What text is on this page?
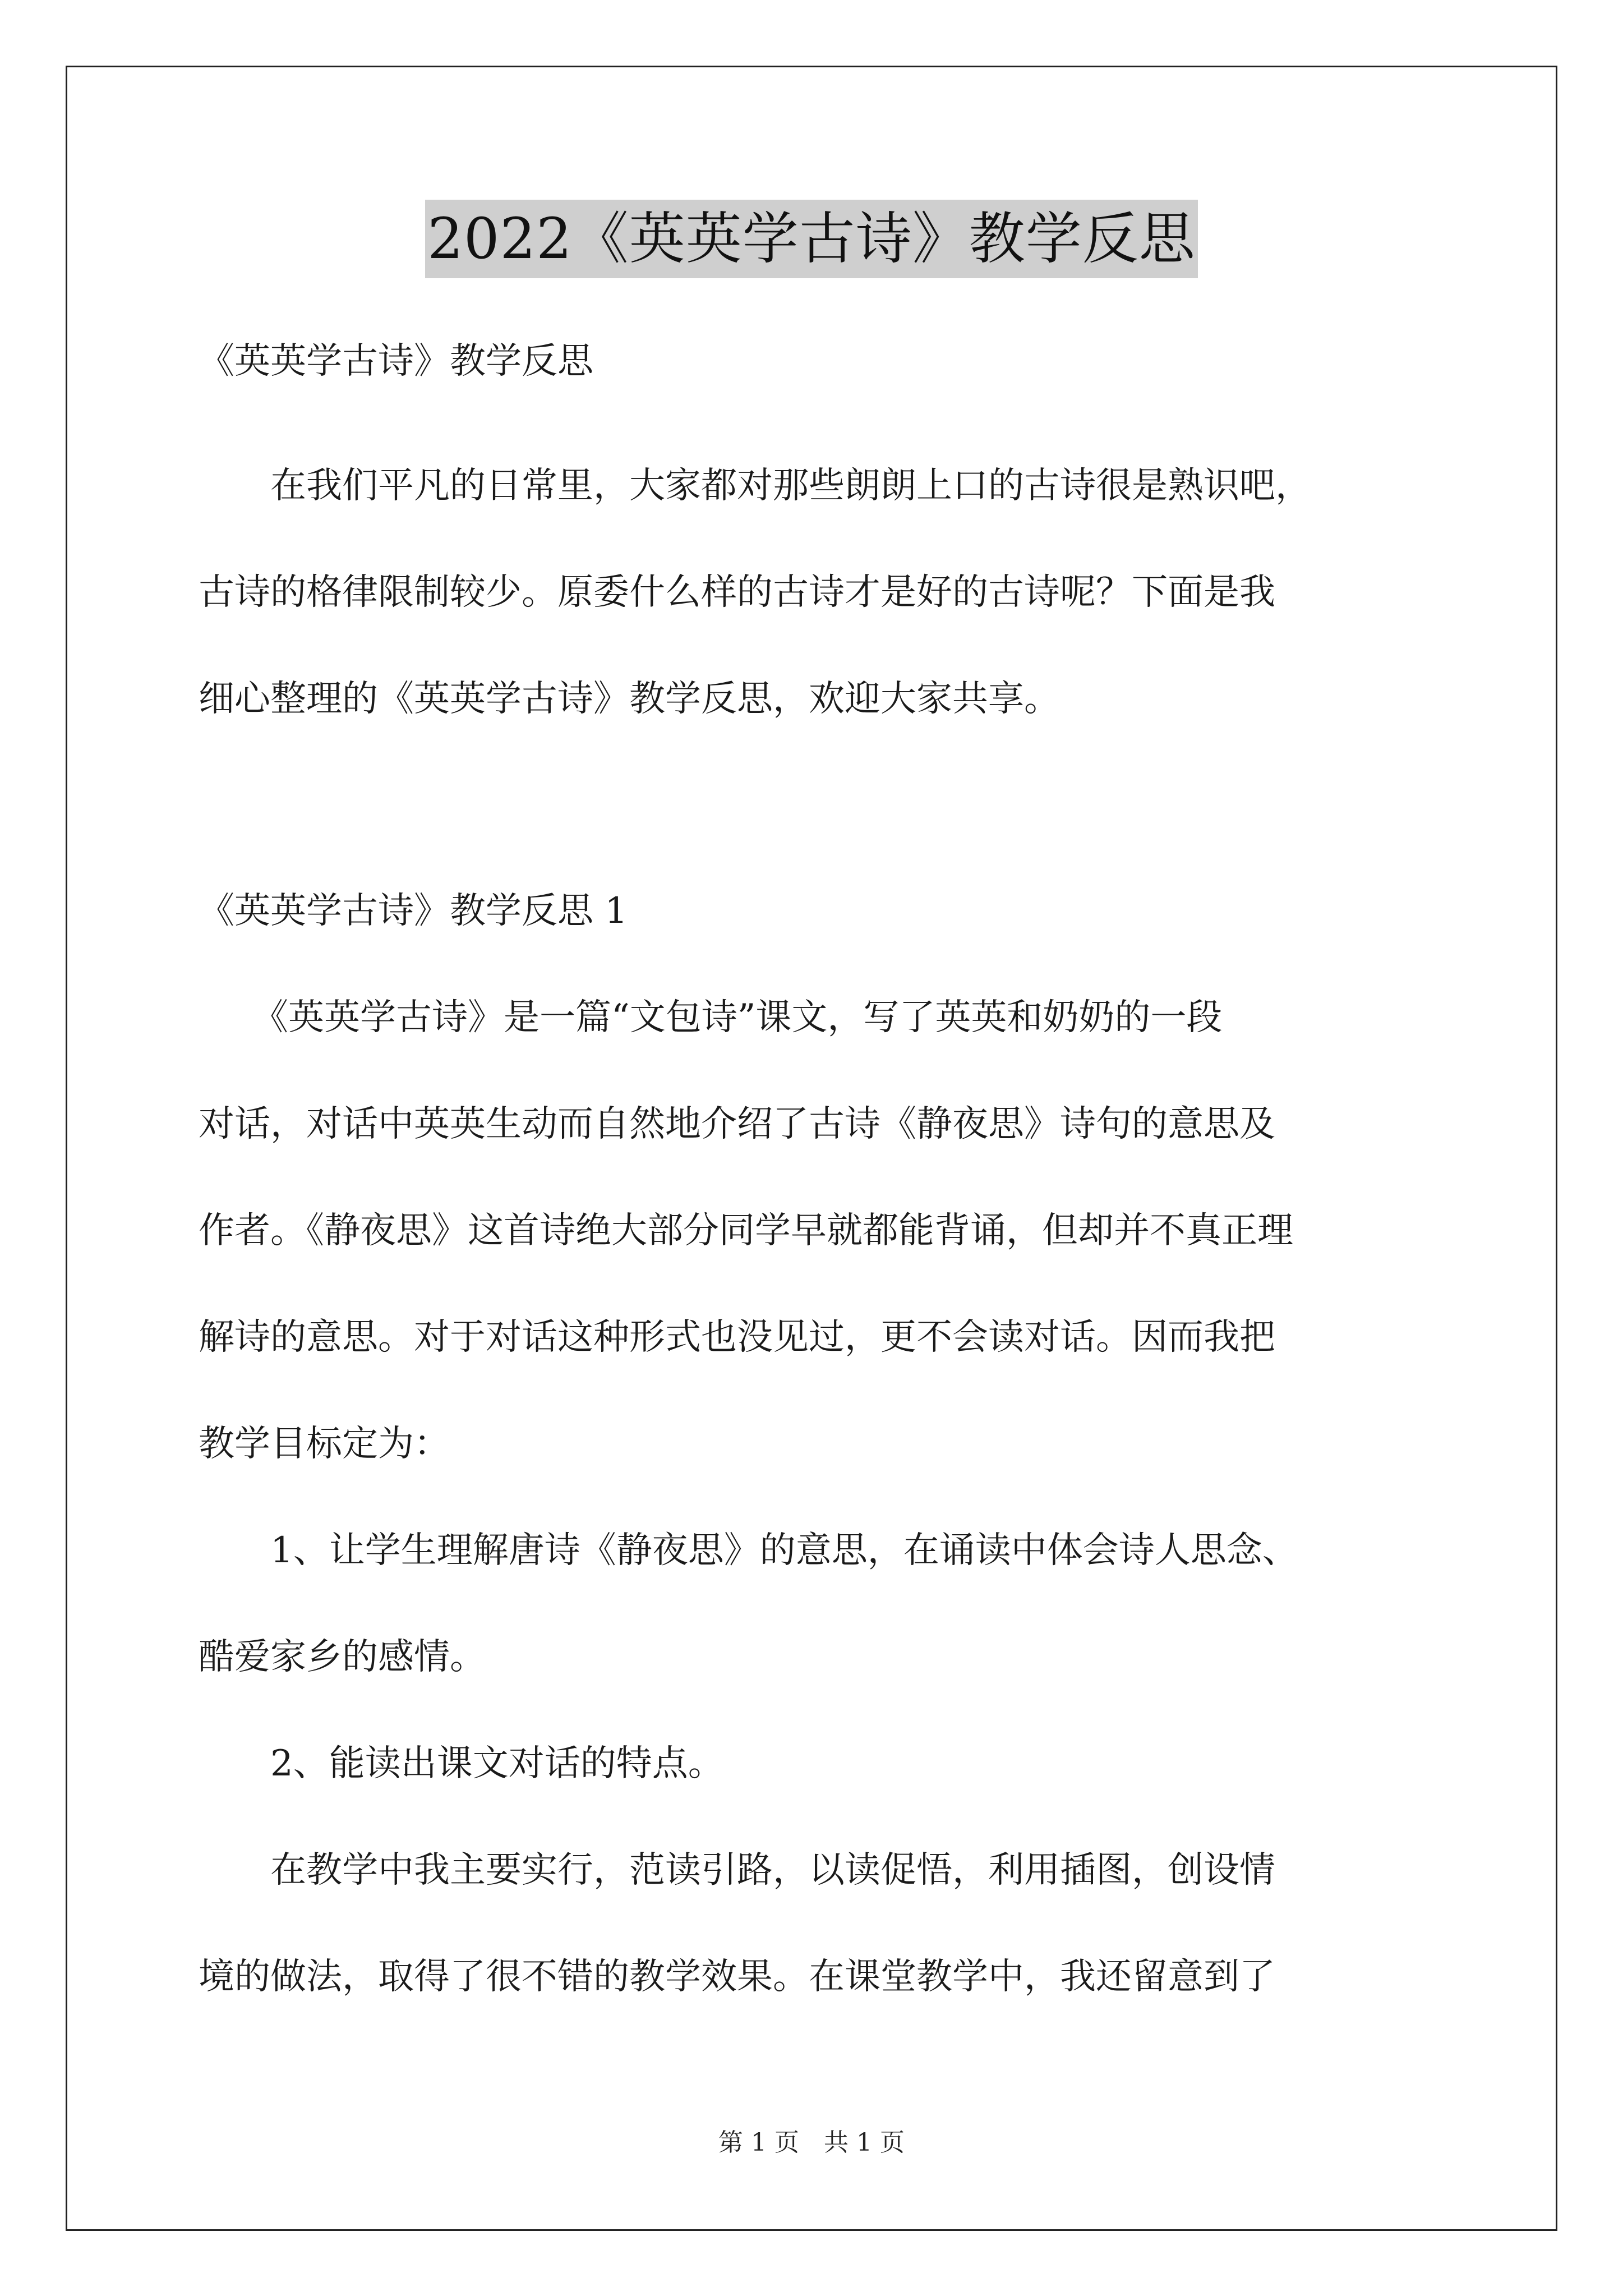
2022《英英学古诗》教学反思
《英英学古诗》教学反思
　　在我们平凡的日常里，大家都对那些朗朗上口的古诗很是熟识吧，
古诗的格律限制较少。原委什么样的古诗才是好的古诗呢？下面是我
细心整理的《英英学古诗》教学反思，欢迎大家共享。
《英英学古诗》教学反思 1
　　《英英学古诗》是一篇“文包诗”课文，写了英英和奶奶的一段
对话，对话中英英生动而自然地介绍了古诗《静夜思》诗句的意思及
作者。《静夜思》这首诗绝大部分同学早就都能背诵，但却并不真正理
解诗的意思。对于对话这种形式也没见过，更不会读对话。因而我把
教学目标定为：
　　1、让学生理解唐诗《静夜思》的意思，在诵读中体会诗人思念、
酷爱家乡的感情。
　　2、能读出课文对话的特点。
　　在教学中我主要实行，范读引路，以读促悟，利用插图，创设情
境的做法，取得了很不错的教学效果。在课堂教学中，我还留意到了
第 1 页　共 1 页
